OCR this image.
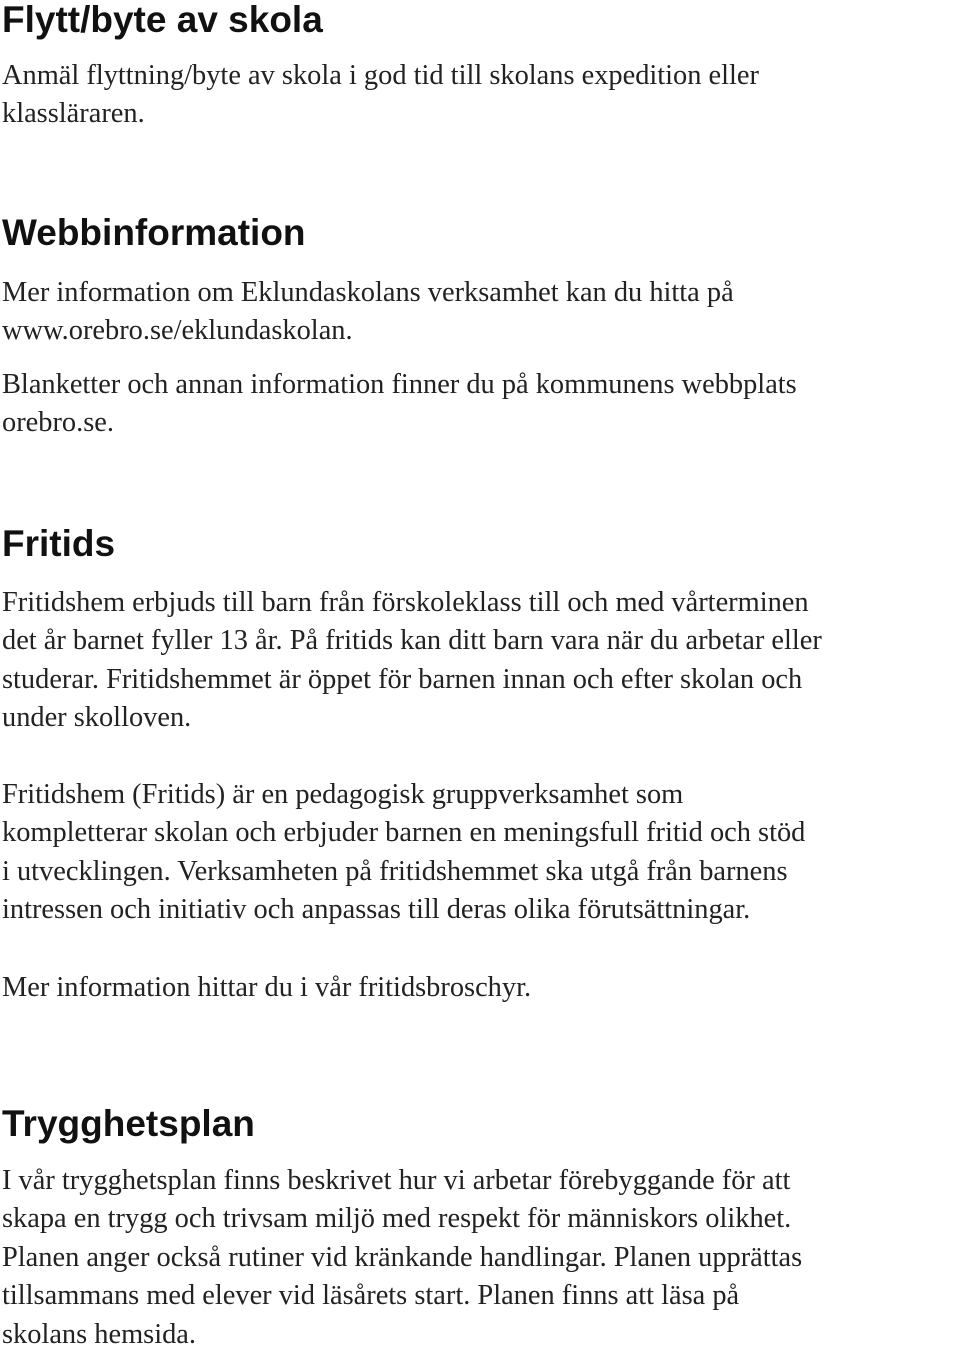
Flytt/byte av skola

Anmäl flyttning/byte av skola i god tid till skolans expedition eller
klassläraren.

Webbinformation

Mer information om Eklundaskolans verksamhet kan du hitta på
www.orebro.se/eklundaskolan.

Blanketter och annan information finner du på kommunens webbplats
orebro.se.

Fritids

Fritidshem erbjuds till barn från förskoleklass till och med vårterminen
det år barnet fyller 13 år. På fritids kan ditt barn vara när du arbetar eller
studerar. Fritidshemmet är öppet för barnen innan och efter skolan och
under skolloven.

Fritidshem (Fritids) är en pedagogisk gruppverksamhet som
kompletterar skolan och erbjuder barnen en meningsfull fritid och stöd
i utvecklingen. Verksamheten på fritidshemmet ska utgå från barnens
intressen och initiativ och anpassas till deras olika förutsättningar.

Mer information hittar du i vår fritidsbroschyr.

Trygghetsplan

I vår trygghetsplan finns beskrivet hur vi arbetar förebyggande för att
skapa en trygg och trivsam miljö med respekt för människors olikhet.
Planen anger också rutiner vid kränkande handlingar. Planen upprättas
tillsammans med elever vid läsårets start. Planen finns att läsa på
skolans hemsida.
